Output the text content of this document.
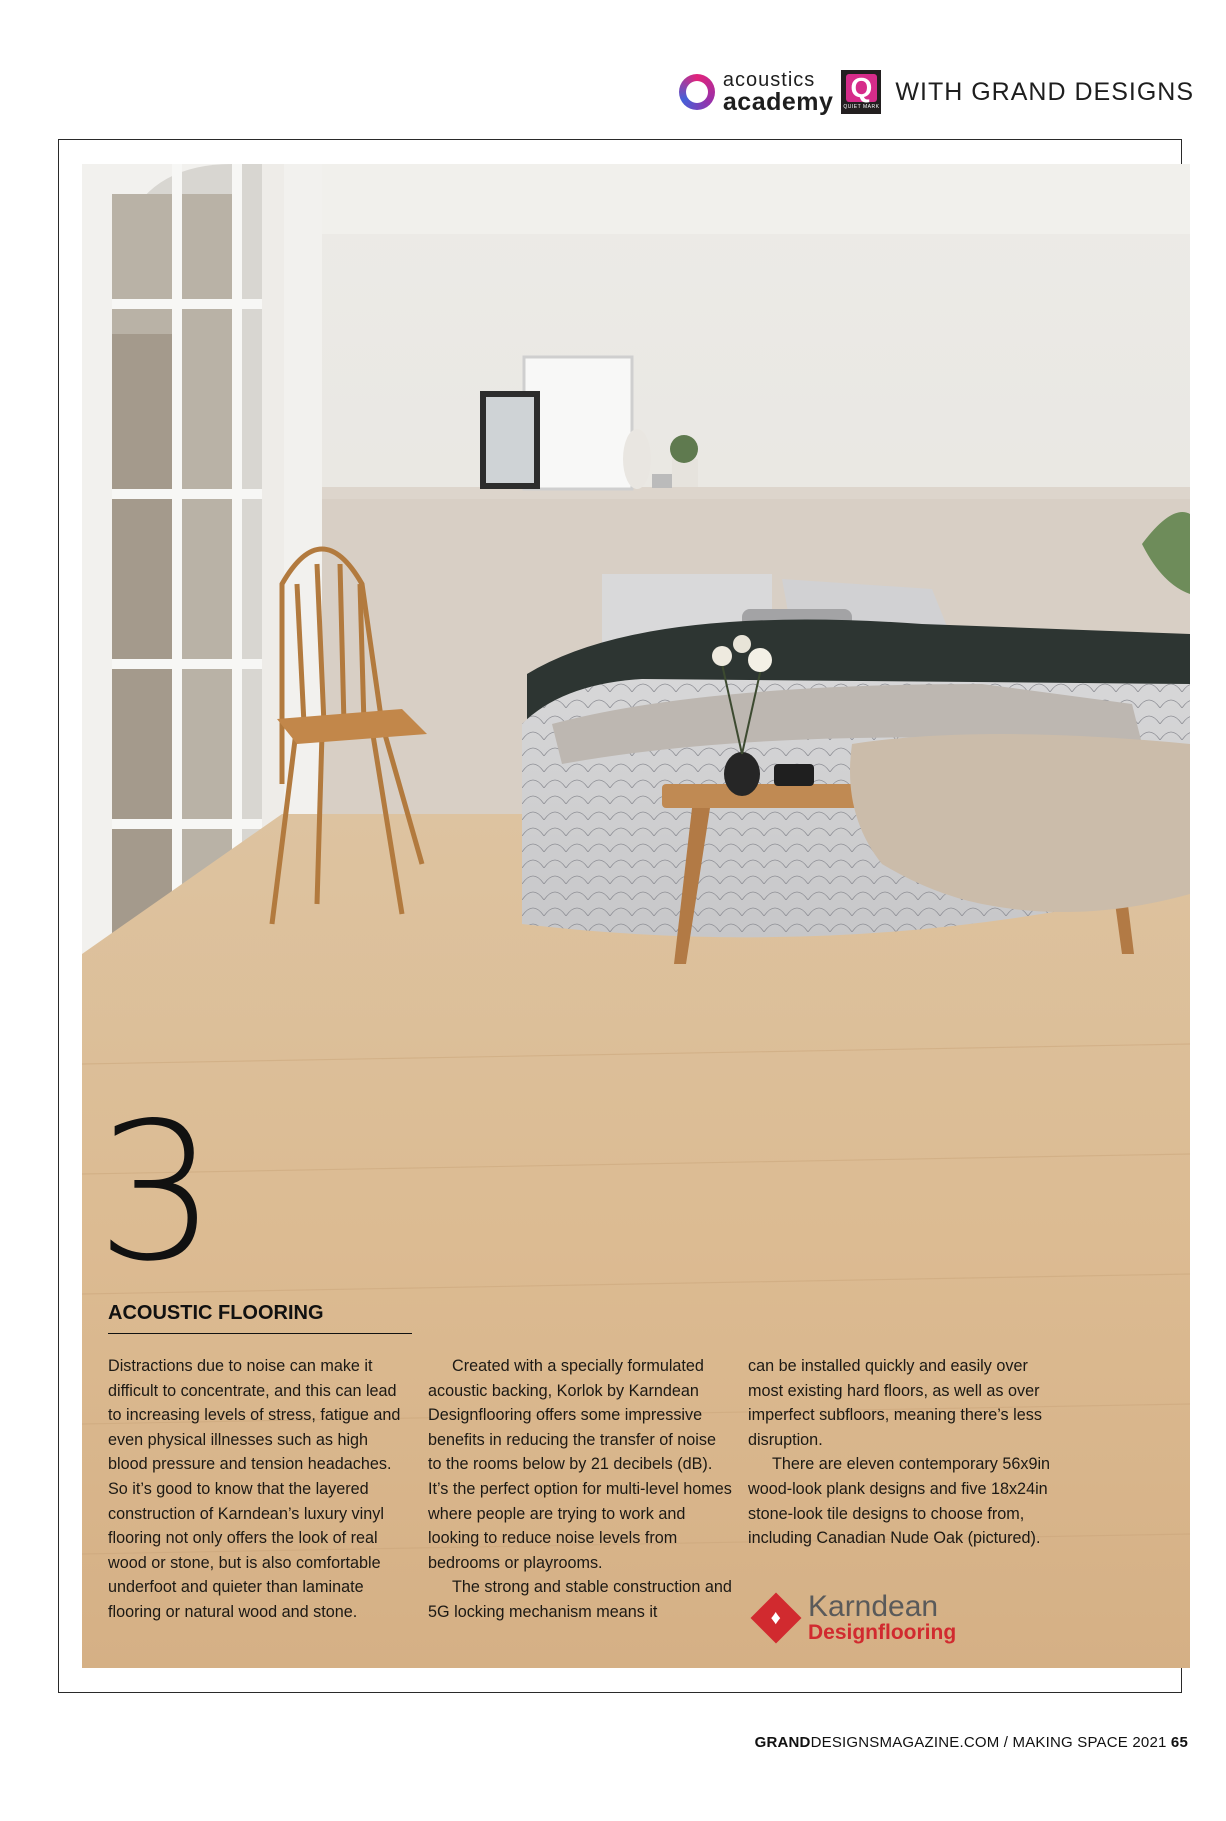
acoustics
academy Q
QUIET MARK
WITH GRAND DESIGNS
3
ACOUSTIC FLOORING

Distractions due to noise can make it difficult to concentrate, and this can lead to increasing levels of stress, fatigue and even physical illnesses such as high blood pressure and tension headaches. So it’s good to know that the layered construction of Karndean’s luxury vinyl flooring not only offers the look of real wood or stone, but is also comfortable underfoot and quieter than laminate flooring or natural wood and stone.

Created with a specially formulated acoustic backing, Korlok by Karndean Designflooring offers some impressive benefits in reducing the transfer of noise to the rooms below by 21 decibels (dB). It’s the perfect option for multi-level homes where people are trying to work and looking to reduce noise levels from bedrooms or playrooms.

The strong and stable construction and 5G locking mechanism means it

can be installed quickly and easily over most existing hard floors, as well as over imperfect subfloors, meaning there’s less disruption.

There are eleven contemporary 56x9in wood-look plank designs and five 18x24in stone-look tile designs to choose from, including Canadian Nude Oak (pictured).

♦ Karndean
Designflooring
GRANDDESIGNSMAGAZINE.COM / MAKING SPACE 2021 65
